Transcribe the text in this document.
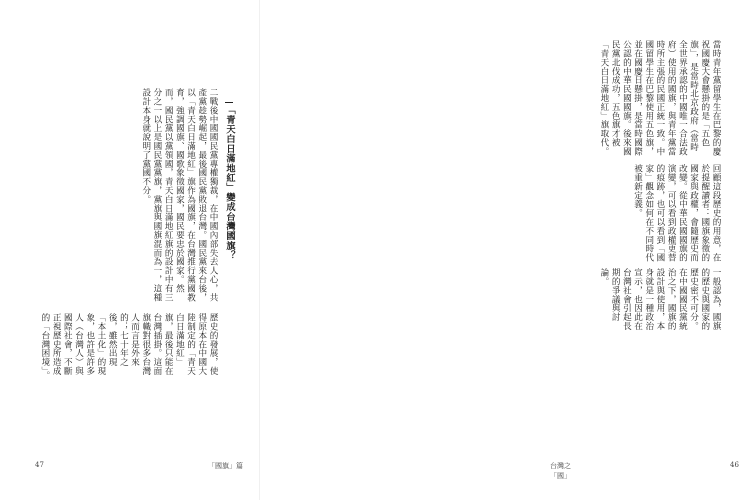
二戰後中國國民黨專權獨裁，在中國內部失去人心，共產黨趁勢崛起，最後國民黨敗退台灣。國民黨來台後，以「青天白日滿地紅」旗作為國旗，在台灣推行黨國教育，強調國旗、國歌象徵國家，國民要忠於國家。然而，國民黨以黨領國，青天白日滿地紅旗的設計中有三分之一以上是國民黨黨旗，黨旗與國旗混而為一，這種設計本身就說明了黨國不分。	「青天白日滿地紅」變成台灣國旗？
歷史的發展，使得原本在中國大陸制定的「青天白日滿地紅」旗，最後只能在台灣插掛。這面旗幟對很多台灣人而言是外來的；七十年之後，雖然出現「本土化」的現象，也許是許多人（台灣人）與國際社會，不斷正視歷史所造成的「台灣困境」。
47	「國旗」篇
當時青年黨留學生在巴黎的慶祝國慶大會懸掛的是「五色旗」，是當時北京政府（當時全世界承認的中國唯一合法政府）使用的國旗，與青年黨當時所主張的民國正統一致。中國留學生在巴黎使用五色旗，並在國慶日懸掛，是當時國際公認的中華民國國旗。後來國民黨北伐成功，五色旗才被「青天白日滿地紅」旗取代。
回顧這段歷史的用意，在於提醒讀者：國旗象徵的國家與政權，會隨歷史而改變。從中華民國國旗的演變，可以看到政權更替的痕跡，也可以看到「國家」觀念如何在不同時代被重新定義。
一般認為，國旗的歷史與國家的歷史密不可分。在中國國民黨統治之下，國旗的設計與使用，本身就是一種政治宣示，也因此在台灣社會引起長期的爭議與討論。
台灣之「國」
46
